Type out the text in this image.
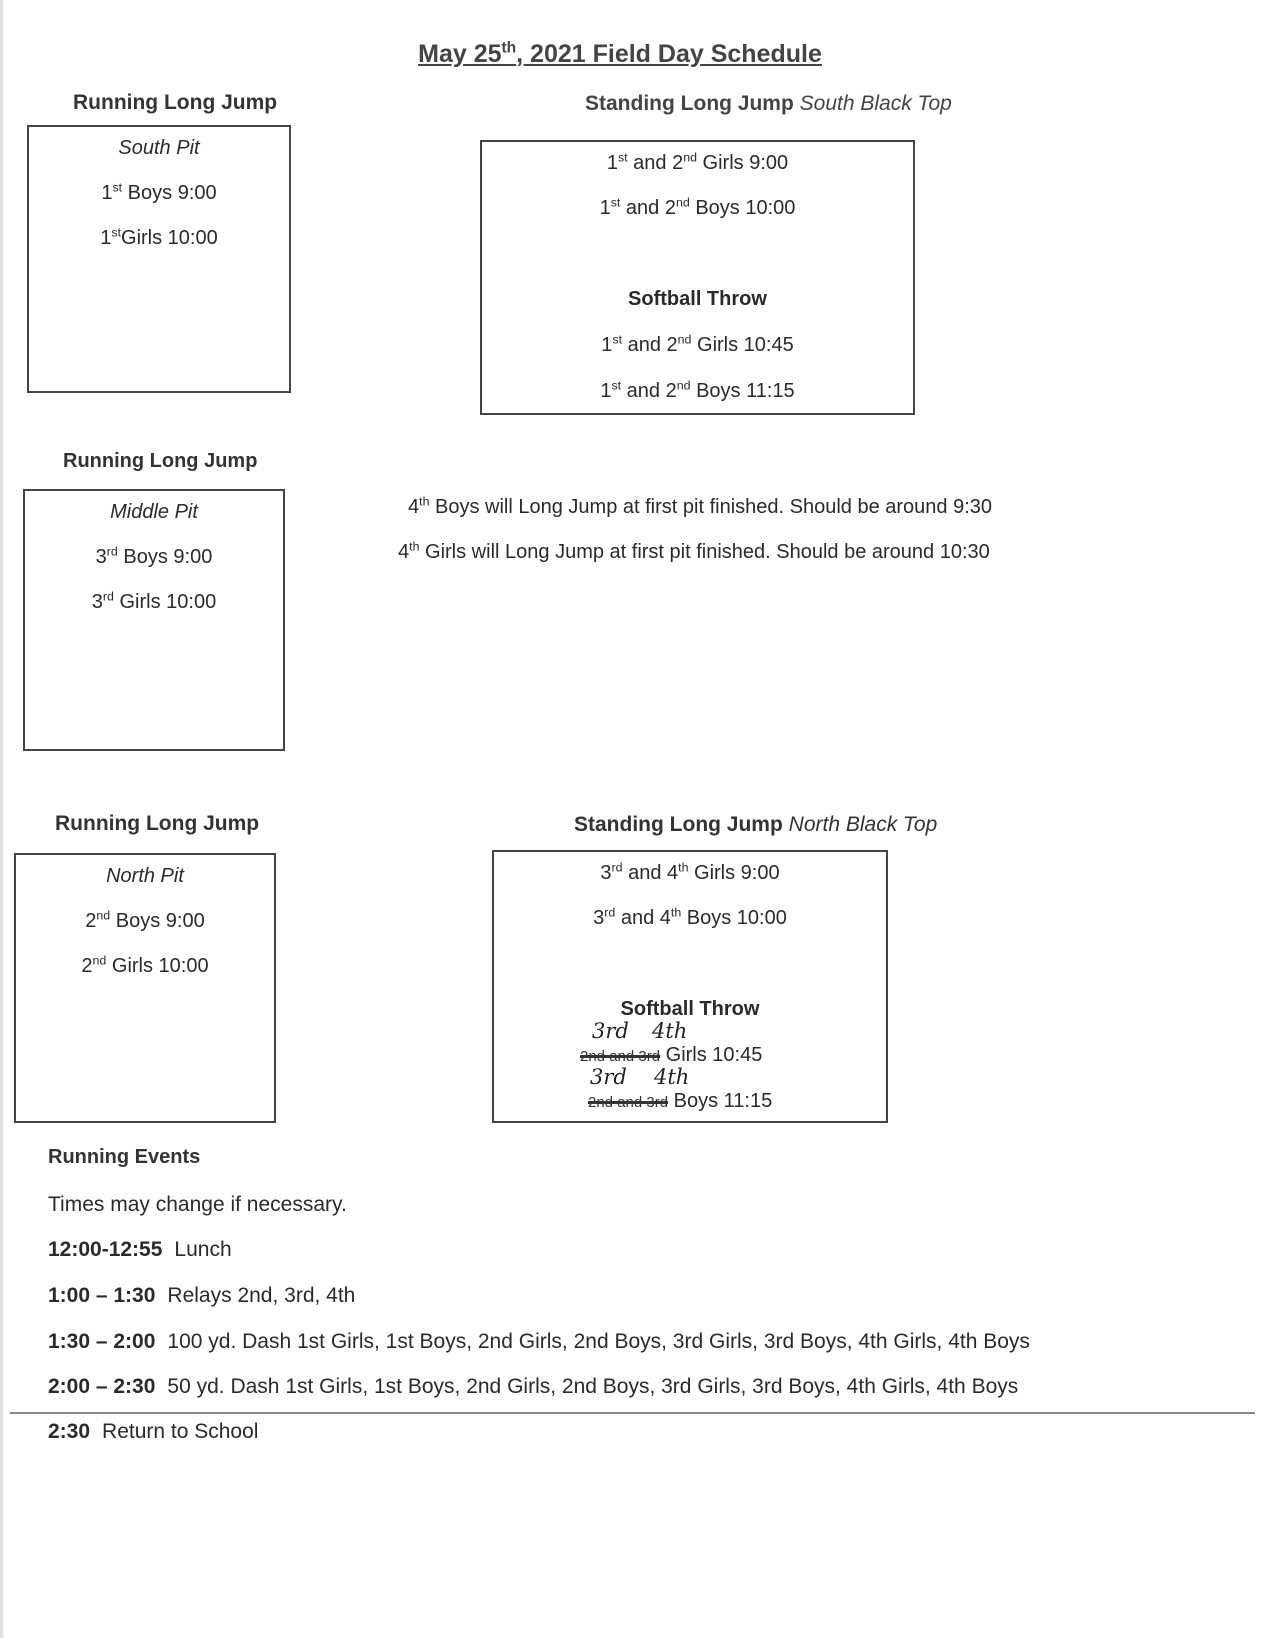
May 25th, 2021 Field Day Schedule
Running Long Jump
South Pit
1st Boys 9:00
1stGirls 10:00
Standing Long Jump South Black Top
1st and 2nd Girls 9:00
1st and 2nd Boys 10:00
Softball Throw
1st and 2nd Girls 10:45
1st and 2nd Boys 11:15
Running Long Jump
Middle Pit
3rd Boys 9:00
3rd Girls 10:00
4th Boys will Long Jump at first pit finished. Should be around 9:30
4th Girls will Long Jump at first pit finished. Should be around 10:30
Running Long Jump
North Pit
2nd Boys 9:00
2nd Girls 10:00
Standing Long Jump North Black Top
3rd and 4th Girls 9:00
3rd and 4th Boys 10:00
Softball Throw
3rd 4th
2nd and 3rd Girls 10:45
3rd 4th
2nd and 3rd Boys 11:15
Running Events
Times may change if necessary.
12:00-12:55 Lunch
1:00 – 1:30 Relays 2nd, 3rd, 4th
1:30 – 2:00 100 yd. Dash 1st Girls, 1st Boys, 2nd Girls, 2nd Boys, 3rd Girls, 3rd Boys, 4th Girls, 4th Boys
2:00 – 2:30 50 yd. Dash 1st Girls, 1st Boys, 2nd Girls, 2nd Boys, 3rd Girls, 3rd Boys, 4th Girls, 4th Boys
2:30 Return to School
